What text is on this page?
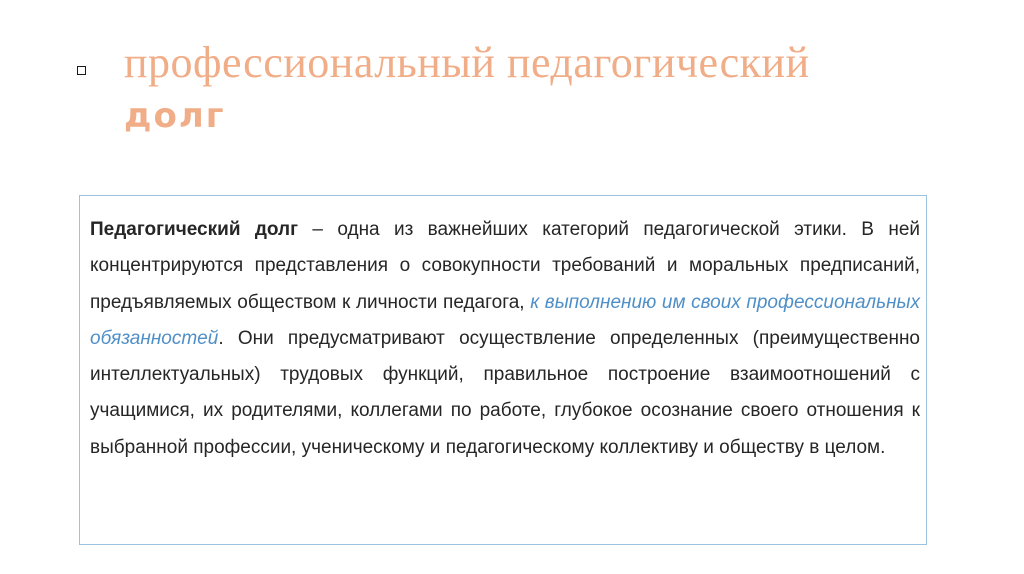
профессиональный педагогический
долг

Педагогический долг – одна из важнейших категорий педагогической этики. В ней концентрируются представления о совокупности требований и моральных предписаний, предъявляемых обществом к личности педагога, к выполнению им своих профессиональных обязанностей. Они предусматривают осуществление определенных (преимущественно интеллектуальных) трудовых функций, правильное построение взаимоотношений с учащимися, их родителями, коллегами по работе, глубокое осознание своего отношения к выбранной профессии, ученическому и педагогическому коллективу и обществу в целом.
